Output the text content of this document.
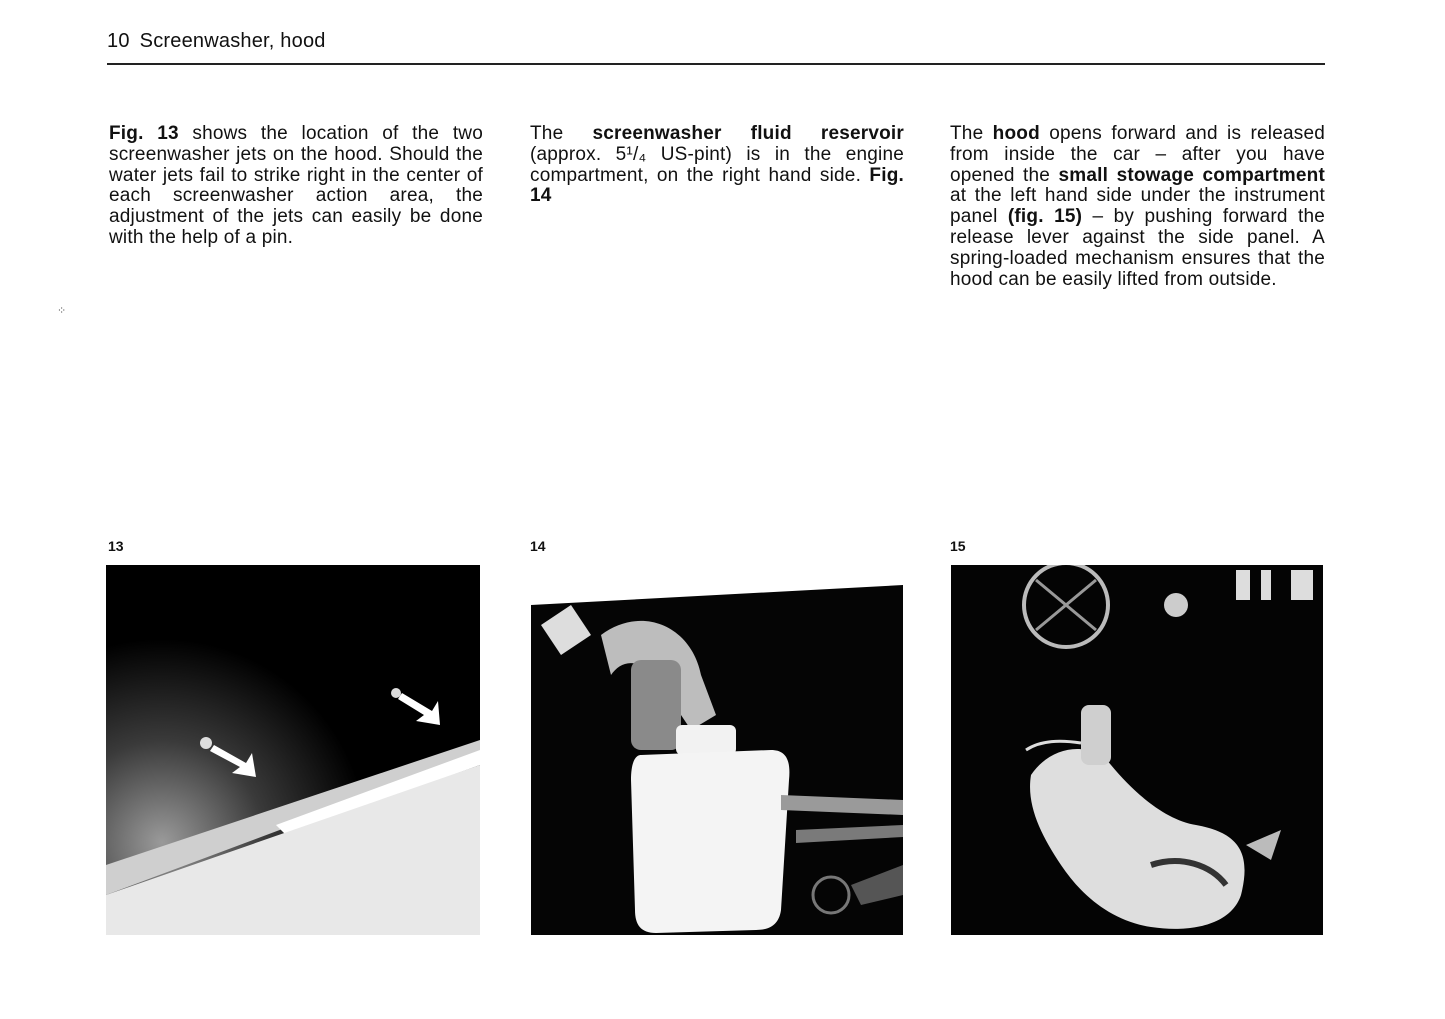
10 Screenwasher, hood
⁘
Fig. 13 shows the location of the two screenwasher jets on the hood. Should the water jets fail to strike right in the center of each screenwasher action area, the adjustment of the jets can easily be done with the help of a pin.
The screenwasher fluid reservoir (approx. 5¹/₄ US-pint) is in the engine compartment, on the right hand side. Fig. 14
The hood opens forward and is released from inside the car – after you have opened the small stowage compartment at the left hand side under the instrument panel (fig. 15) – by pushing forward the release lever against the side panel. A spring-loaded mechanism ensures that the hood can be easily lifted from outside.
13	14	15
